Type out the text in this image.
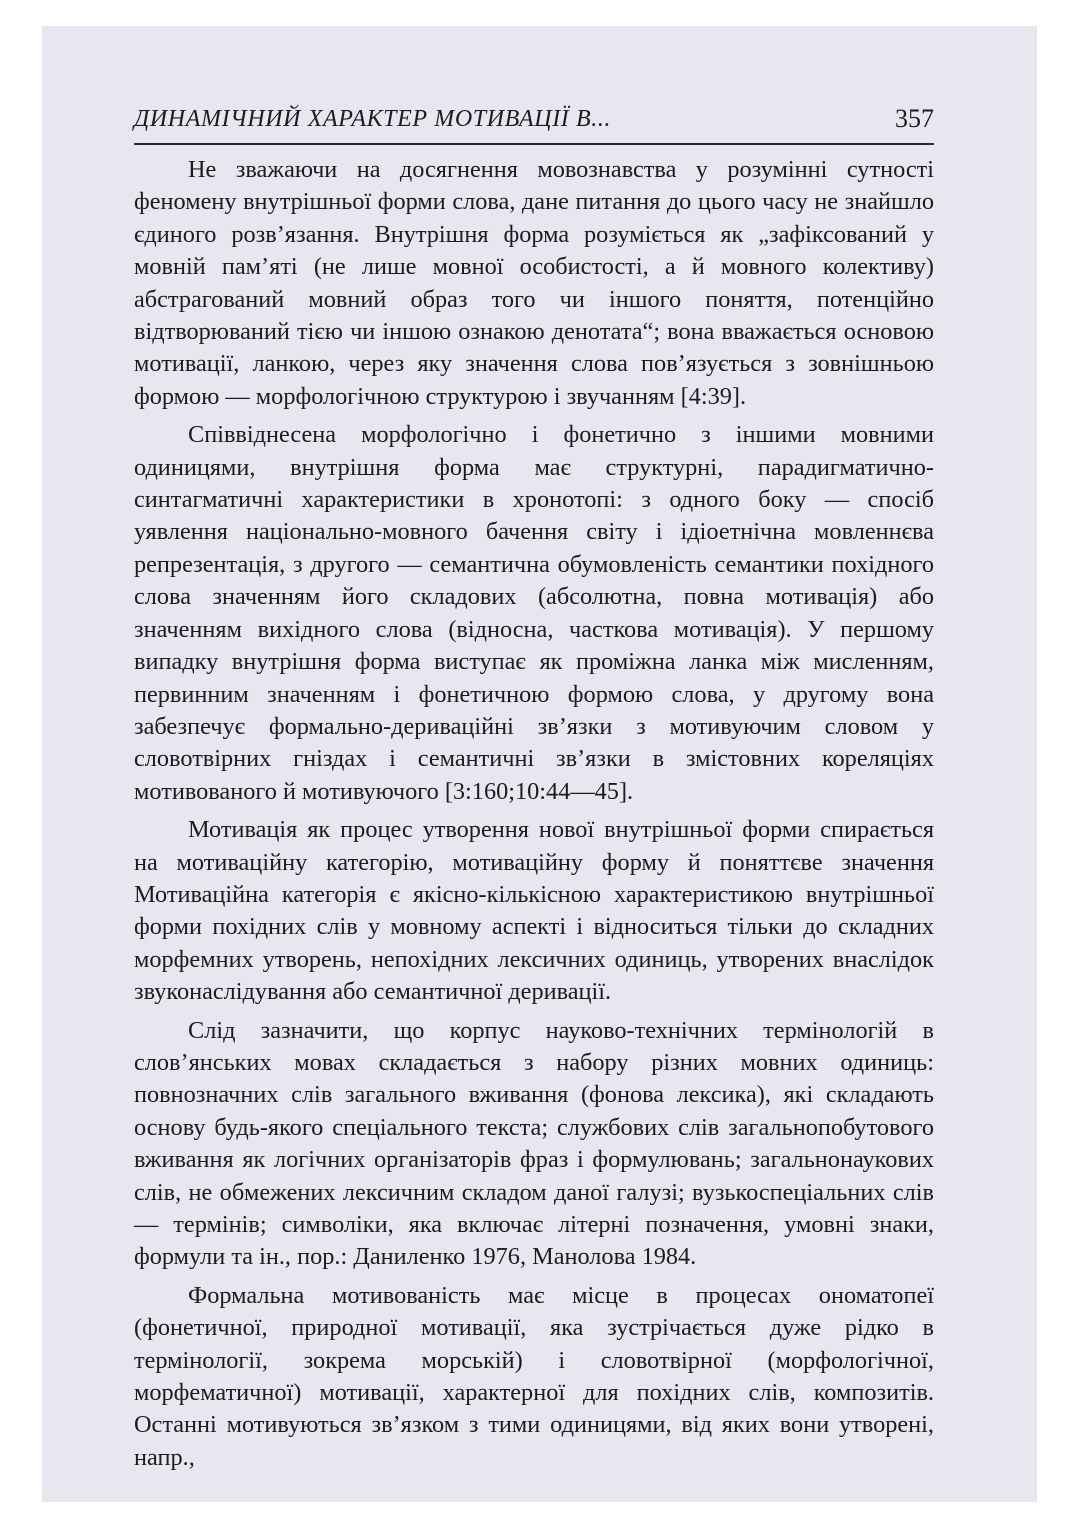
ДИНАМІЧНИЙ ХАРАКТЕР МОТИВАЦІЇ В...	357

Не зважаючи на досягнення мовознавства у розумінні сутності феномену внутрішньої форми слова, дане питання до цього часу не знайшло єдиного розв’язання. Внутрішня форма розуміється як „зафіксований у мовній пам’яті (не лише мовної особистості, а й мовного колективу) абстрагований мовний образ того чи іншого поняття, потенційно відтворюваний тією чи іншою ознакою денотата“; вона вважається основою мотивації, ланкою, через яку значення слова пов’язується з зовнішньою формою — морфологічною структурою і звучанням [4:39].

Співвіднесена морфологічно і фонетично з іншими мовними одиницями, внутрішня форма має структурні, парадигматично-синтагматичні характеристики в хронотопі: з одного боку — спосіб уявлення національно-мовного бачення світу і ідіоетнічна мовленнєва репрезентація, з другого — семантична обумовленість семантики похідного слова значенням його складових (абсолютна, повна мотивація) або значенням вихідного слова (відносна, часткова мотивація). У першому випадку внутрішня форма виступає як проміжна ланка між мисленням, первинним значенням і фонетичною формою слова, у другому вона забезпечує формально-дериваційні зв’язки з мотивуючим словом у словотвірних гніздах і семантичні зв’язки в змістовних кореляціях мотивованого й мотивуючого [3:160;10:44—45].

Мотивація як процес утворення нової внутрішньої форми спирається на мотиваційну категорію, мотиваційну форму й поняттєве значення Мотиваційна категорія є якісно-кількісною характеристикою внутрішньої форми похідних слів у мовному аспекті і відноситься тільки до складних морфемних утворень, непохідних лексичних одиниць, утворених внаслідок звуконаслідування або семантичної деривації.

Слід зазначити, що корпус науково-технічних термінологій в слов’янських мовах складається з набору різних мовних одиниць: повнозначних слів загального вживання (фонова лексика), які складають основу будь-якого спеціального текста; службових слів загальнопобутового вживання як логічних організаторів фраз і формулювань; загальнонаукових слів, не обмежених лексичним складом даної галузі; вузькоспеціальних слів — термінів; символіки, яка включає літерні позначення, умовні знаки, формули та ін., пор.: Даниленко 1976, Манолова 1984.

Формальна мотивованість має місце в процесах ономатопеї (фонетичної, природної мотивації, яка зустрічається дуже рідко в термінології, зокрема морській) і словотвірної (морфологічної, морфематичної) мотивації, характерної для похідних слів, композитів. Останні мотивуються зв’язком з тими одиницями, від яких вони утворені, напр.,
